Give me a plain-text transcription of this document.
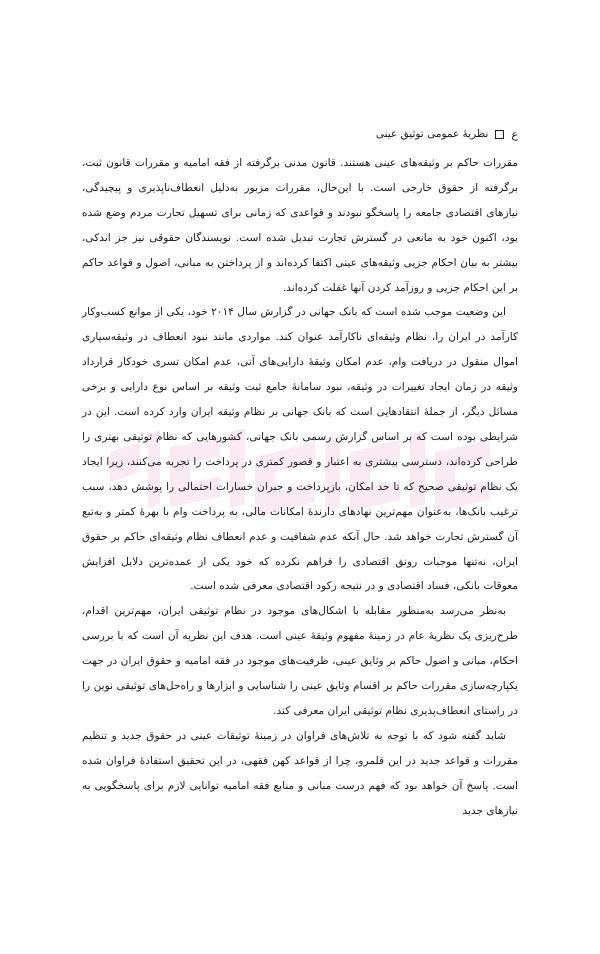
ع
نظریهٔ عمومی توثیق عینی

مقررات حاکم بر وثیقه‌های عینی هستند. قانون مدنی برگرفته از فقه امامیه و مقررات قانون ثبت، برگرفته از حقوق خارجی است. با این‌حال، مقررات مزبور به‌دلیل انعطاف‌ناپذیری و پیچیدگی، نیازهای اقتصادی جامعه را پاسخگو نبودند و قواعدی که زمانی برای تسهیل تجارت مردم وضع شده بود، اکنون خود به مانعی در گسترش تجارت تبدیل شده است. نویسندگان حقوقی نیز جز اندکی، بیشتر به بیان احکام جزیی وثیقه‌های عینی اکتفا کرده‌اند و از پرداختن به مبانی، اصول و قواعد حاکم بر این احکام جزیی و روزآمد کردن آنها غفلت کرده‌اند.

این وضعیت موجب شده است که بانک جهانی در گزارش سال ۲۰۱۴ خود، یکی از موانع کسب‌وکار کارآمد در ایران را، نظام وثیقه‌ای ناکارآمد عنوان کند. مواردی مانند نبود انعطاف در وثیقه‌سپاری اموال منقول در دریافت وام، عدم امکان وثیقهٔ دارایی‌های آتی، عدم امکان تسری خودکار قرارداد وثیقه در زمان ایجاد تغییرات در وثیقه، نبود سامانهٔ جامع ثبت وثیقه بر اساس نوع دارایی و برخی مسائل دیگر، از جملهٔ انتقادهایی است که بانک جهانی بر نظام وثیقه ایران وارد کرده است. این در شرایطی بوده است که بر اساس گزارش رسمی بانک جهانی، کشورهایی که نظام توثیقی بهتری را طراحی کرده‌اند، دسترسی بیشتری به اعتبار و قصور کمتری در پرداخت را تجربه می‌کنند، زیرا ایجاد یک نظام توثیقی صحیح که تا حد امکان، بازپرداخت و جبران خسارات احتمالی را پوشش دهد، سبب ترغیب بانک‌ها، به‌عنوان مهم‌ترین نهادهای دارندهٔ امکانات مالی، به پرداخت وام با بهرهٔ کمتر و به‌تبع آن گسترش تجارت خواهد شد. حال آنکه عدم شفافیت و عدم انعطاف نظام وثیقه‌ای حاکم بر حقوق ایران، نه‌تنها موجبات رونق اقتصادی را فراهم نکرده که خود یکی از عمده‌ترین دلایل افزایش معوقات بانکی، فساد اقتصادی و در نتیجه رکود اقتصادی معرفی شده است.

به‌نظر می‌رسد به‌منظور مقابله با اشکال‌های موجود در نظام توثیقی ایران، مهم‌ترین اقدام، طرح‌ریزی یک نظریهٔ عام در زمینهٔ مفهوم وثیقهٔ عینی است. هدف این نظریه آن است که با بررسی احکام، مبانی و اصول حاکم بر وثایق عینی، ظرفیت‌های موجود در فقه امامیه و حقوق ایران در جهت یکپارچه‌سازی مقررات حاکم بر اقسام وثایق عینی را شناسایی و ابزارها و راه‌حل‌های توثیقی نوین را در راستای انعطاف‌پذیری نظام توثیقی ایران معرفی کند.

شاید گفته شود که با توجه به تلاش‌های فراوان در زمینهٔ توثیقات عینی در حقوق جدید و تنظیم مقررات و قواعد جدید در این قلمرو، چرا از قواعد کهن فقهی، در این تحقیق استفادهٔ فراوان شده است. پاسخ آن خواهد بود که فهم درست مبانی و منابع فقه امامیه توانایی لازم برای پاسخگویی به نیازهای جدید
